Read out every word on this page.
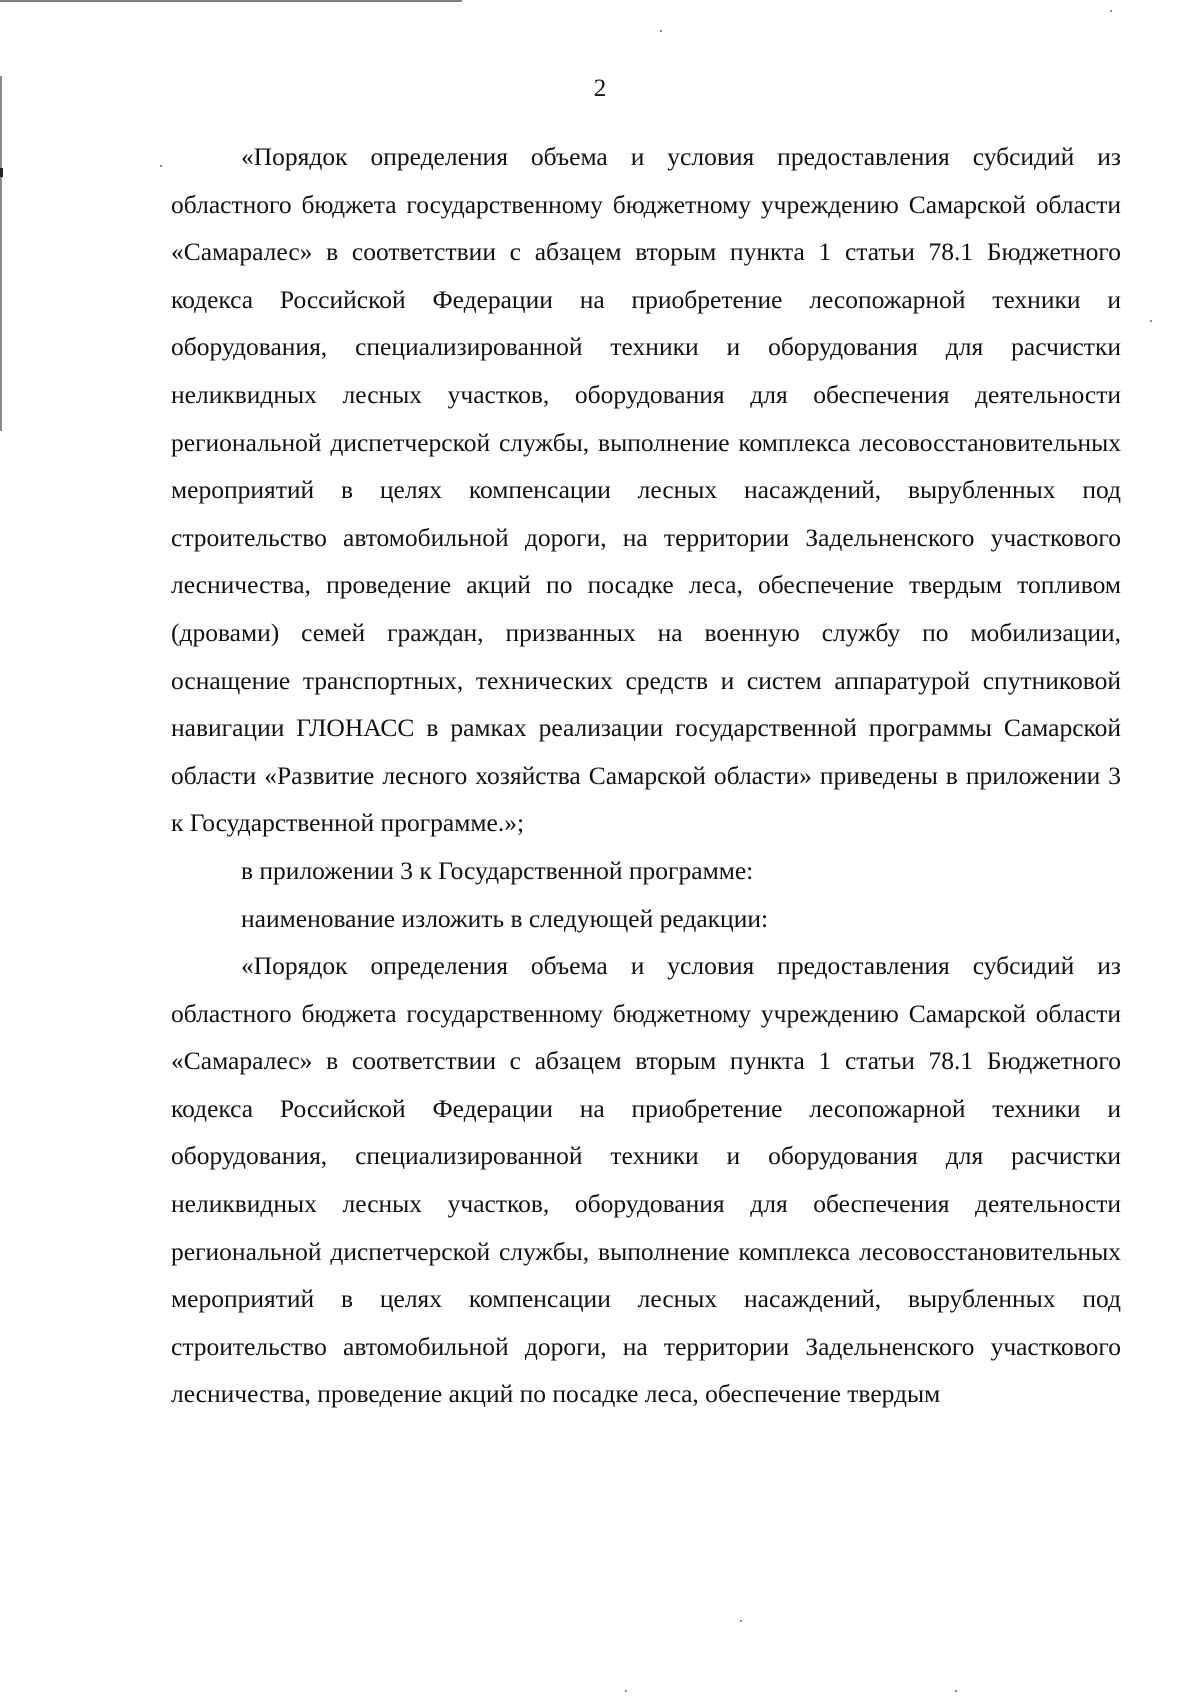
2

«Порядок определения объема и условия предоставления субсидий из областного бюджета государственному бюджетному учреждению Самарской области «Самаралес» в соответствии с абзацем вторым пункта 1 статьи 78.1 Бюджетного кодекса Российской Федерации на приобретение лесопожарной техники и оборудования, специализированной техники и оборудования для расчистки неликвидных лесных участков, оборудования для обеспечения деятельности региональной диспетчерской службы, выполнение комплекса лесовосстановительных мероприятий в целях компенсации лесных насаждений, вырубленных под строительство автомобильной дороги, на территории Задельненского участкового лесничества, проведение акций по посадке леса, обеспечение твердым топливом (дровами) семей граждан, призванных на военную службу по мобилизации, оснащение транспортных, технических средств и систем аппаратурой спутниковой навигации ГЛОНАСС в рамках реализации государственной программы Самарской области «Развитие лесного хозяйства Самарской области» приведены в приложении 3 к Государственной программе.»;

в приложении 3 к Государственной программе:

наименование изложить в следующей редакции:

«Порядок определения объема и условия предоставления субсидий из областного бюджета государственному бюджетному учреждению Самарской области «Самаралес» в соответствии с абзацем вторым пункта 1 статьи 78.1 Бюджетного кодекса Российской Федерации на приобретение лесопожарной техники и оборудования, специализированной техники и оборудования для расчистки неликвидных лесных участков, оборудования для обеспечения деятельности региональной диспетчерской службы, выполнение комплекса лесовосстановительных мероприятий в целях компенсации лесных насаждений, вырубленных под строительство автомобильной дороги, на территории Задельненского участкового лесничества, проведение акций по посадке леса, обеспечение твердым
